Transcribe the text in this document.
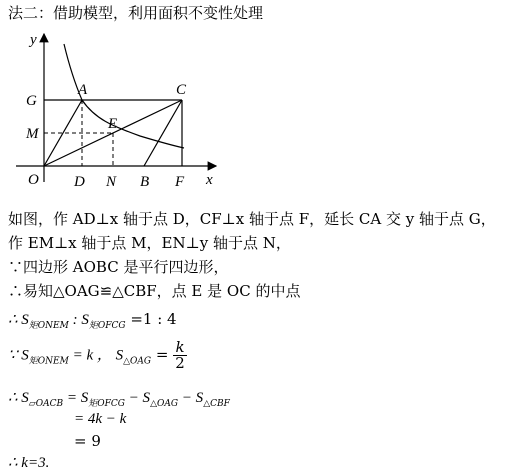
法二：借助模型，利用面积不变性处理
y
x
O D N B F
G
M
A
E
C
如图，作 AD⊥x 轴于点 D，CF⊥x 轴于点 F，延长 CA 交 y 轴于点 G，
作 EM⊥x 轴于点 M，EN⊥y 轴于点 N，
∵四边形 AOBC 是平行四边形，
∴易知△OAG≌△CBF，点 E 是 OC 的中点
∴ $S_{矩ONEM}$ : $S_{矩OFCG} =1$ : 4
∵ $S_{矩ONEM} = k$ ， $S_{\triangle OAG} = \frac{k}{2}$
∴ $S_{▱OACB} = S_{矩OFCG} - S_{\triangle OAG} - S_{\triangle CBF}$
= 4k − k
= 9
∴ k=3.
